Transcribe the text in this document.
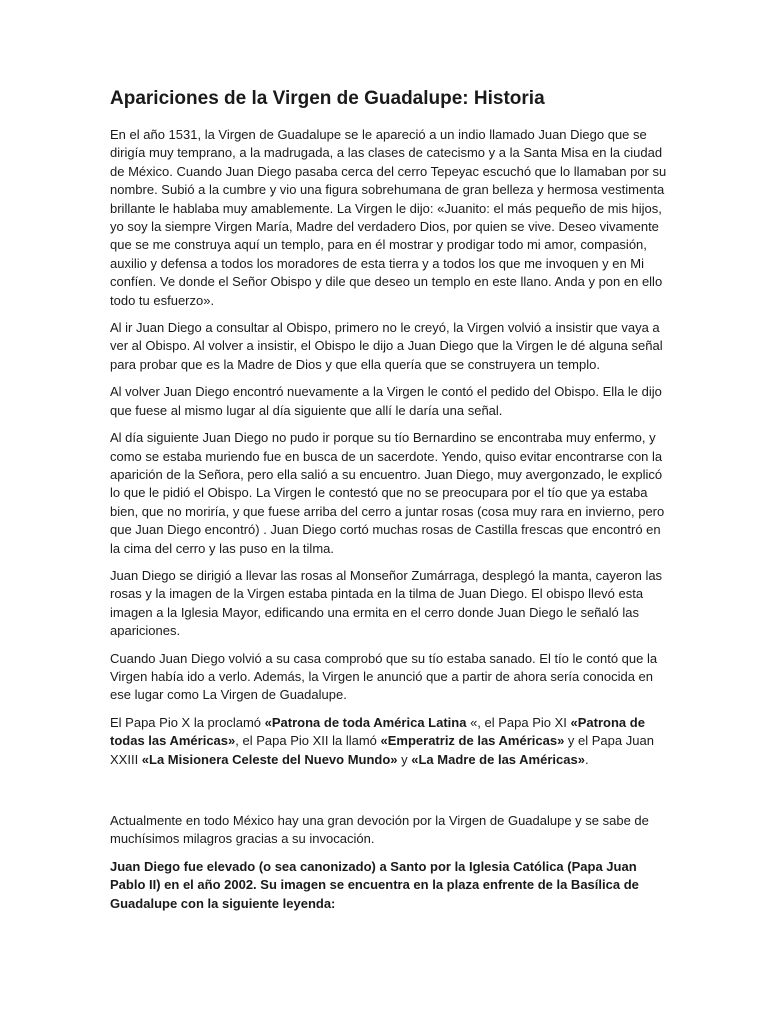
Apariciones de la Virgen de Guadalupe: Historia

En el año 1531, la Virgen de Guadalupe se le apareció a un indio llamado Juan Diego que se dirigía muy temprano, a la madrugada, a las clases de catecismo y a la Santa Misa en la ciudad de México. Cuando Juan Diego pasaba cerca del cerro Tepeyac escuchó que lo llamaban por su nombre. Subió a la cumbre y vio una figura sobrehumana de gran belleza y hermosa vestimenta brillante le hablaba muy amablemente. La Virgen le dijo: «Juanito: el más pequeño de mis hijos, yo soy la siempre Virgen María, Madre del verdadero Dios, por quien se vive. Deseo vivamente que se me construya aquí un templo, para en él mostrar y prodigar todo mi amor, compasión, auxilio y defensa a todos los moradores de esta tierra y a todos los que me invoquen y en Mi confíen. Ve donde el Señor Obispo y dile que deseo un templo en este llano. Anda y pon en ello todo tu esfuerzo».

Al ir Juan Diego a consultar al Obispo, primero no le creyó, la Virgen volvió a insistir que vaya a ver al Obispo. Al volver a insistir, el Obispo le dijo a Juan Diego que la Virgen le dé alguna señal para probar que es la Madre de Dios y que ella quería que se construyera un templo.

Al volver Juan Diego encontró nuevamente a la Virgen le contó el pedido del Obispo. Ella le dijo que fuese al mismo lugar al día siguiente que allí le daría una señal.

Al día siguiente Juan Diego no pudo ir porque su tío Bernardino se encontraba muy enfermo, y como se estaba muriendo fue en busca de un sacerdote. Yendo, quiso evitar encontrarse con la aparición de la Señora, pero ella salió a su encuentro. Juan Diego, muy avergonzado, le explicó lo que le pidió el Obispo. La Virgen le contestó que no se preocupara por el tío que ya estaba bien, que no moriría, y que fuese arriba del cerro a juntar rosas (cosa muy rara en invierno, pero que Juan Diego encontró) . Juan Diego cortó muchas rosas de Castilla frescas que encontró en la cima del cerro y las puso en la tilma.

Juan Diego se dirigió a llevar las rosas al Monseñor Zumárraga, desplegó la manta, cayeron las rosas y la imagen de la Virgen estaba pintada en la tilma de Juan Diego. El obispo llevó esta imagen a la Iglesia Mayor, edificando una ermita en el cerro donde Juan Diego le señaló las apariciones.

Cuando Juan Diego volvió a su casa comprobó que su tío estaba sanado. El tío le contó que la Virgen había ido a verlo. Además, la Virgen le anunció que a partir de ahora sería conocida en ese lugar como La Virgen de Guadalupe.

El Papa Pio X la proclamó «Patrona de toda América Latina «, el Papa Pio XI «Patrona de todas las Américas», el Papa Pio XII la llamó «Emperatriz de las Américas» y el Papa Juan XXIII «La Misionera Celeste del Nuevo Mundo» y «La Madre de las Américas».

Actualmente en todo México hay una gran devoción por la Virgen de Guadalupe y se sabe de muchísimos milagros gracias a su invocación.

Juan Diego fue elevado (o sea canonizado) a Santo por la Iglesia Católica (Papa Juan Pablo II) en el año 2002. Su imagen se encuentra en la plaza enfrente de la Basílica de Guadalupe con la siguiente leyenda:
